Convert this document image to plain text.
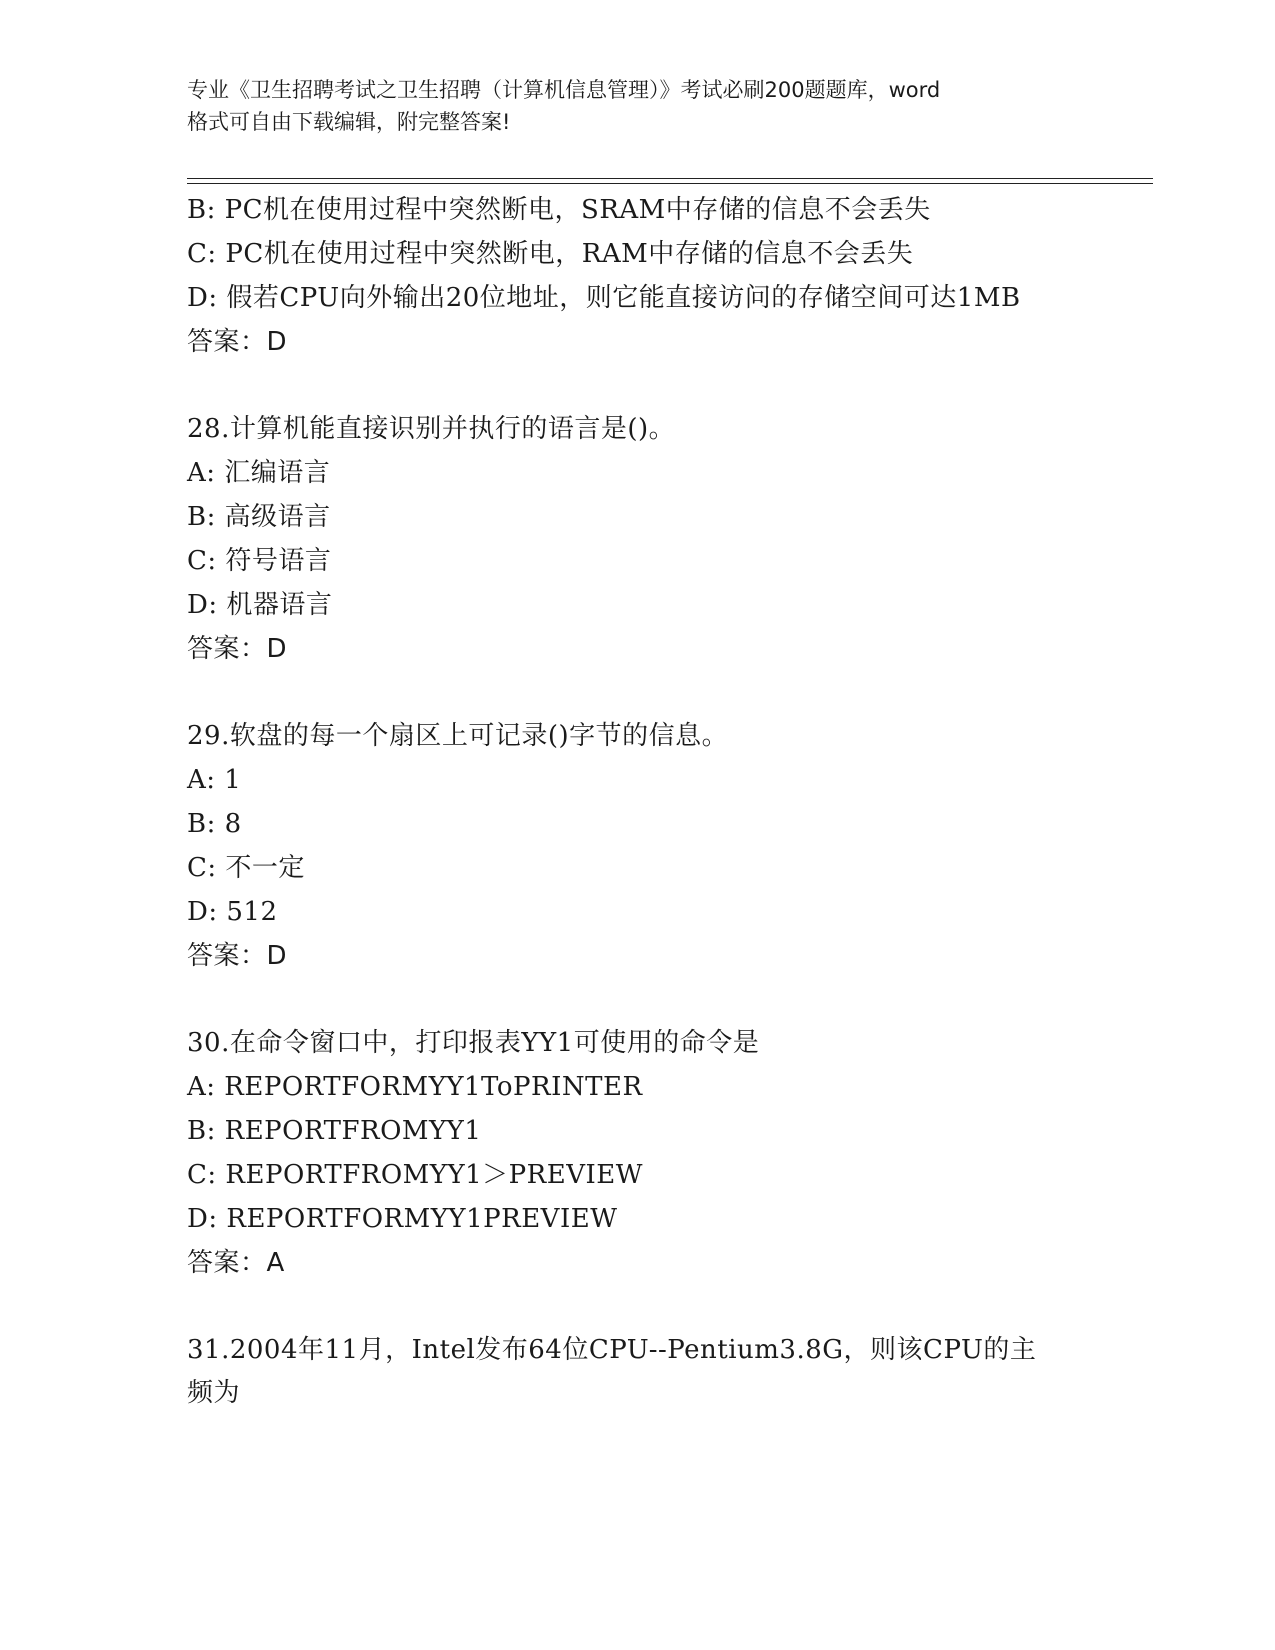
专业《卫生招聘考试之卫生招聘（计算机信息管理）》考试必刷200题题库，word
格式可自由下载编辑，附完整答案!
B: PC机在使用过程中突然断电，SRAM中存储的信息不会丢失
C: PC机在使用过程中突然断电，RAM中存储的信息不会丢失
D: 假若CPU向外输出20位地址，则它能直接访问的存储空间可达1MB
答案：D
28.计算机能直接识别并执行的语言是()。
A: 汇编语言
B: 高级语言
C: 符号语言
D: 机器语言
答案：D
29.软盘的每一个扇区上可记录()字节的信息。
A: 1
B: 8
C: 不一定
D: 512
答案：D
30.在命令窗口中，打印报表YY1可使用的命令是
A: REPORTFORMYY1ToPRINTER
B: REPORTFROMYY1
C: REPORTFROMYY1＞PREVIEW
D: REPORTFORMYY1PREVIEW
答案：A
31.2004年11月，Intel发布64位CPU--Pentium3.8G，则该CPU的主
频为
